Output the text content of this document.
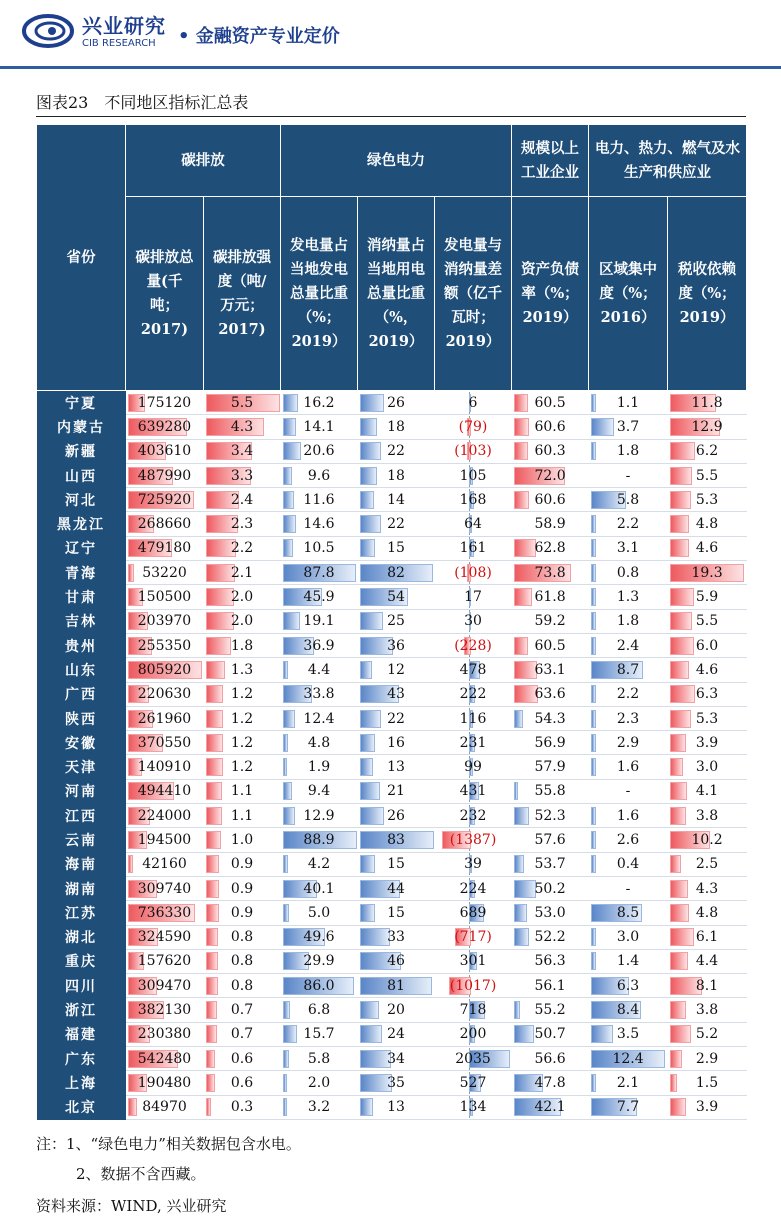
兴业研究
CIB RESEARCH • 金融资产专业定价
图表23　不同地区指标汇总表
省份	碳排放		绿色电力			规模以上工业企业	电力、热力、燃气及水生产和供应业	
	碳排放总量(千吨；2017)	碳排放强度（吨/万元；2017)	发电量占当地发电总量比重（%；2019）	消纳量占当地用电总量比重（%，2019）	发电量与消纳量差额（亿千瓦时；2019）	资产负债率（%；2019）	区域集中度（%；2016）	税收依赖度（%；2019）
宁夏	175120	5.5	16.2	26	6	60.5	1.1	11.8

内蒙古	639280	4.3	14.1	18	(79)	60.6	3.7	12.9

新疆	403610	3.4	20.6	22	(103)	60.3	1.8	6.2

山西	487990	3.3	9.6	18	105	72.0	-	5.5

河北	725920	2.4	11.6	14	168	60.6	5.8	5.3

黑龙江	268660	2.3	14.6	22	64	58.9	2.2	4.8

辽宁	479180	2.2	10.5	15	161	62.8	3.1	4.6

青海	53220	2.1	87.8	82	(108)	73.8	0.8	19.3

甘肃	150500	2.0	45.9	54	17	61.8	1.3	5.9

吉林	203970	2.0	19.1	25	30	59.2	1.8	5.5

贵州	255350	1.8	36.9	36	(228)	60.5	2.4	6.0

山东	805920	1.3	4.4	12	478	63.1	8.7	4.6

广西	220630	1.2	33.8	43	222	63.6	2.2	6.3

陕西	261960	1.2	12.4	22	116	54.3	2.3	5.3

安徽	370550	1.2	4.8	16	231	56.9	2.9	3.9

天津	140910	1.2	1.9	13	99	57.9	1.6	3.0

河南	494410	1.1	9.4	21	431	55.8	-	4.1

江西	224000	1.1	12.9	26	232	52.3	1.6	3.8

云南	194500	1.0	88.9	83	(1387)	57.6	2.6	10.2

海南	42160	0.9	4.2	15	39	53.7	0.4	2.5

湖南	309740	0.9	40.1	44	224	50.2	-	4.3

江苏	736330	0.9	5.0	15	689	53.0	8.5	4.8

湖北	324590	0.8	49.6	33	(717)	52.2	3.0	6.1

重庆	157620	0.8	29.9	46	301	56.3	1.4	4.4

四川	309470	0.8	86.0	81	(1017)	56.1	6.3	8.1

浙江	382130	0.7	6.8	20	718	55.2	8.4	3.8

福建	230380	0.7	15.7	24	200	50.7	3.5	5.2

广东	542480	0.6	5.8	34	2035	56.6	12.4	2.9

上海	190480	0.6	2.0	35	527	47.8	2.1	1.5

北京	84970	0.3	3.2	13	134	42.1	7.7	3.9
注：1、“绿色电力”相关数据包含水电。
2、数据不含西藏。
资料来源：WIND, 兴业研究
